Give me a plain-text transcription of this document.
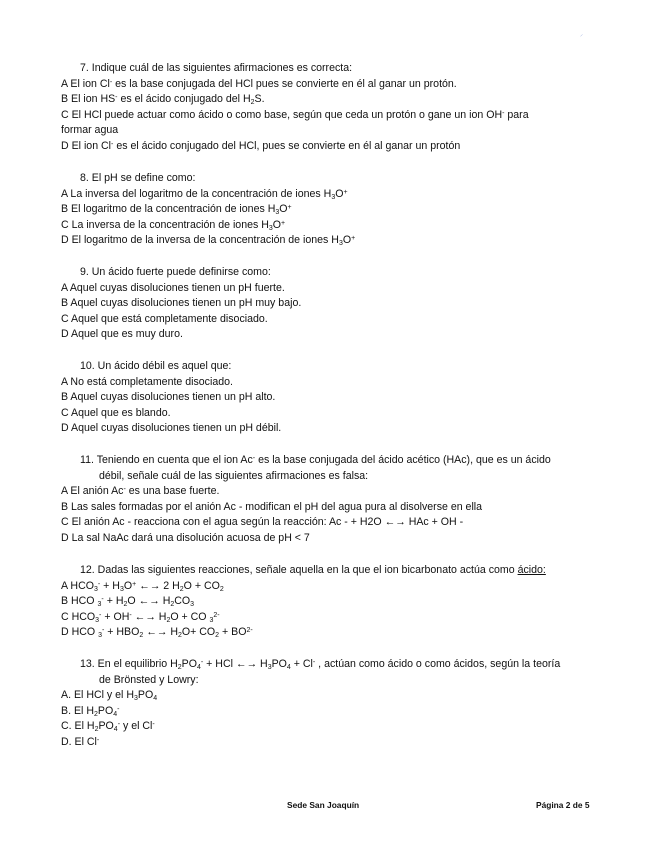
⸝

7. Indique cuál de las siguientes afirmaciones es correcta:

A El ion Cl- es la base conjugada del HCl pues se convierte en él al ganar un protón.

B El ion HS- es el ácido conjugado del $H_2S$.

C El HCl puede actuar como ácido o como base, según que ceda un protón o gane un ion OH- para

formar agua

D El ion Cl- es el ácido conjugado del HCl, pues se convierte en él al ganar un protón

8. El pH se define como:

A La inversa del logaritmo de la concentración de iones $H_3O^+$

B El logaritmo de la concentración de iones $H_3O^+$

C La inversa de la concentración de iones $H_3O^+$

D El logaritmo de la inversa de la concentración de iones $H_3O^+$

9. Un ácido fuerte puede definirse como:

A Aquel cuyas disoluciones tienen un pH fuerte.

B Aquel cuyas disoluciones tienen un pH muy bajo.

C Aquel que está completamente disociado.

D Aquel que es muy duro.

10. Un ácido débil es aquel que:

A No está completamente disociado.

B Aquel cuyas disoluciones tienen un pH alto.

C Aquel que es blando.

D Aquel cuyas disoluciones tienen un pH débil.

11. Teniendo en cuenta que el ion Ac- es la base conjugada del ácido acético (HAc), que es un ácido

débil, señale cuál de las siguientes afirmaciones es falsa:

A El anión Ac- es una base fuerte.

B Las sales formadas por el anión Ac - modifican el pH del agua pura al disolverse en ella

C El anión Ac - reacciona con el agua según la reacción: Ac - + H2O ←→ HAc + OH -

D La sal NaAc dará una disolución acuosa de pH < 7

12. Dadas las siguientes reacciones, señale aquella en la que el ion bicarbonato actúa como ácido:

A $HCO_3^- + H_3O^+$ ←→ 2 $H_2O + CO_2$

B HCO $_3^- + H_2O$ ←→ $H_2CO_3$

C $HCO_3^- + OH^-$ ←→ $H_2O$ + CO $_3^{2-}$

D HCO $_3^- + HBO_2$ ←→ $H_2O+ CO_2 + BO^{2-}$

13. En el equilibrio $H_2PO_4^-$ + HCl ←→ $H_3PO_4 + Cl^-$ , actúan como ácido o como ácidos, según la teoría

de Brönsted y Lowry:

A. El HCl y el $H_3PO_4$

B. El $H_2PO_4^-$

C. El $H_2PO_4^-$ y el Cl-

D. El Cl-

Sede San Joaquín	Página 2 de 5
